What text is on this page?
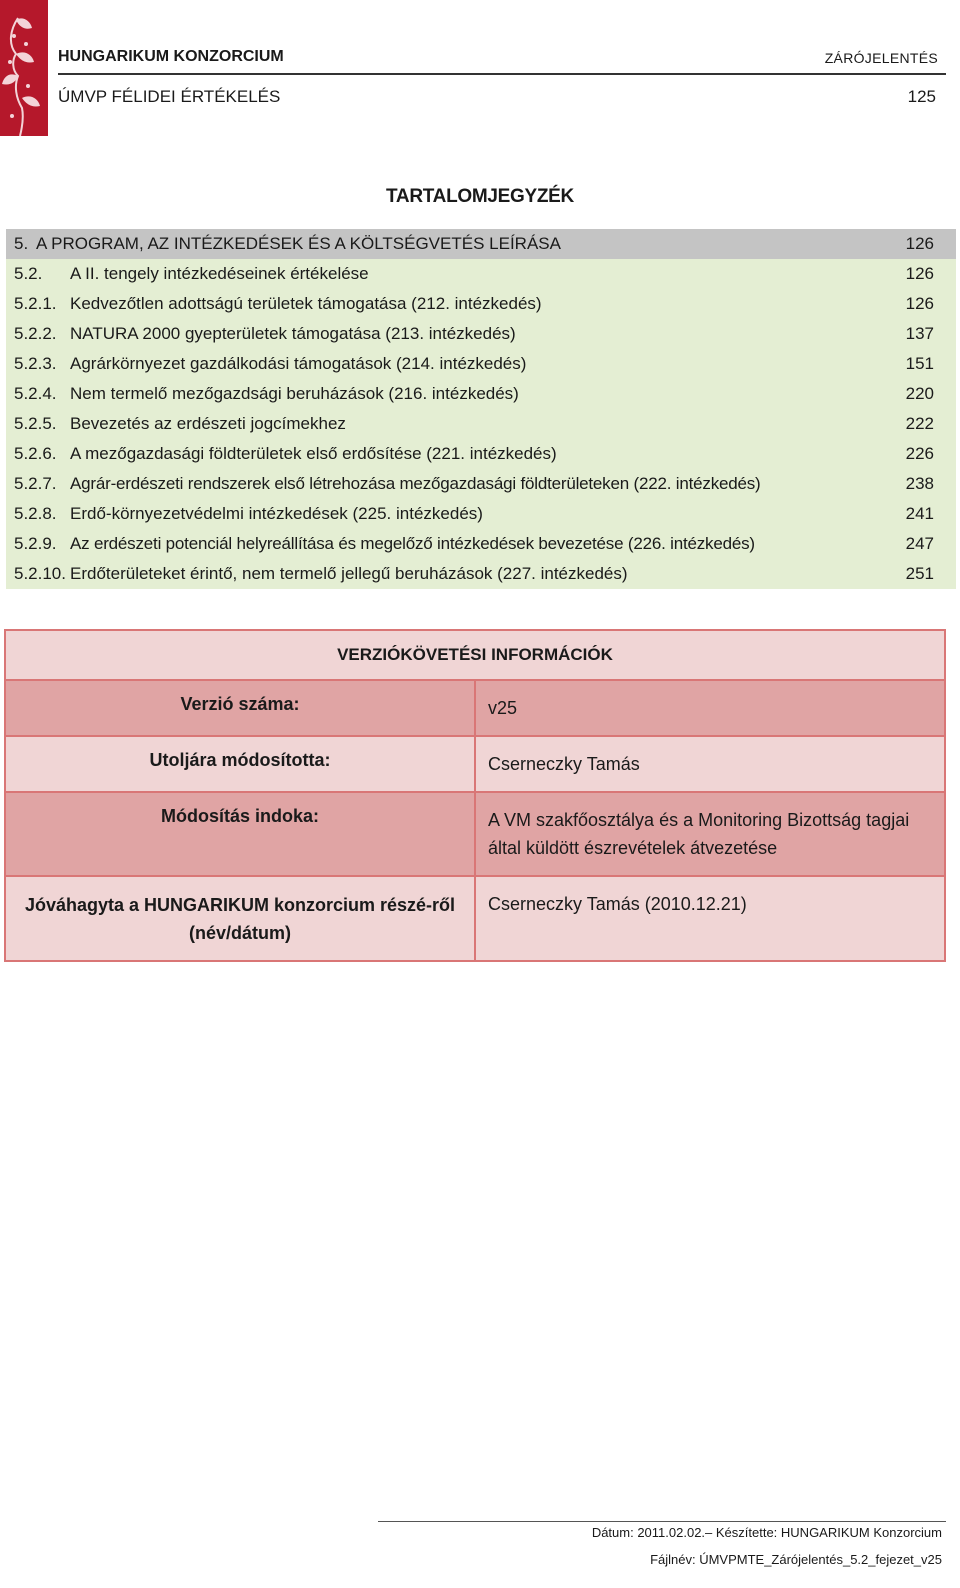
HUNGARIKUM KONZORCIUM	ZÁRÓJELENTÉS
ÚMVP FÉLIDEI ÉRTÉKELÉS	125
TARTALOMJEGYZÉK
5. A PROGRAM, AZ INTÉZKEDÉSEK ÉS A KÖLTSÉGVETÉS LEÍRÁSA	126
5.2.	A II. tengely intézkedéseinek értékelése	126
5.2.1. Kedvezőtlen adottságú területek támogatása (212. intézkedés)	126
5.2.2. NATURA 2000 gyepterületek támogatása (213. intézkedés)	137
5.2.3. Agrárkörnyezet gazdálkodási támogatások (214. intézkedés)	151
5.2.4. Nem termelő mezőgazdsági beruházások (216. intézkedés)	220
5.2.5. Bevezetés az erdészeti jogcímekhez	222
5.2.6. A mezőgazdasági földterületek első erdősítése (221. intézkedés)	226
5.2.7. Agrár-erdészeti rendszerek első létrehozása mezőgazdasági földterületeken (222. intézkedés)	238
5.2.8. Erdő-környezetvédelmi intézkedések (225. intézkedés)	241
5.2.9. Az erdészeti potenciál helyreállítása és megelőző intézkedések bevezetése (226. intézkedés)	247
5.2.10. Erdőterületeket érintő, nem termelő jellegű beruházások (227. intézkedés)	251
VERZIÓKÖVETÉSI INFORMÁCIÓK	
Verzió száma:	v25
Utoljára módosította:	Cserneczky Tamás
Módosítás indoka:	A VM szakfőosztálya és a Monitoring Bizottság tagjai által küldött észrevételek átvezetése
Jóváhagyta a HUNGARIKUM konzorcium részé-ről (név/dátum)	Cserneczky Tamás (2010.12.21)
Dátum: 2011.02.02.– Készítette: HUNGARIKUM Konzorcium
Fájlnév: ÚMVPMTE_Zárójelentés_5.2_fejezet_v25
